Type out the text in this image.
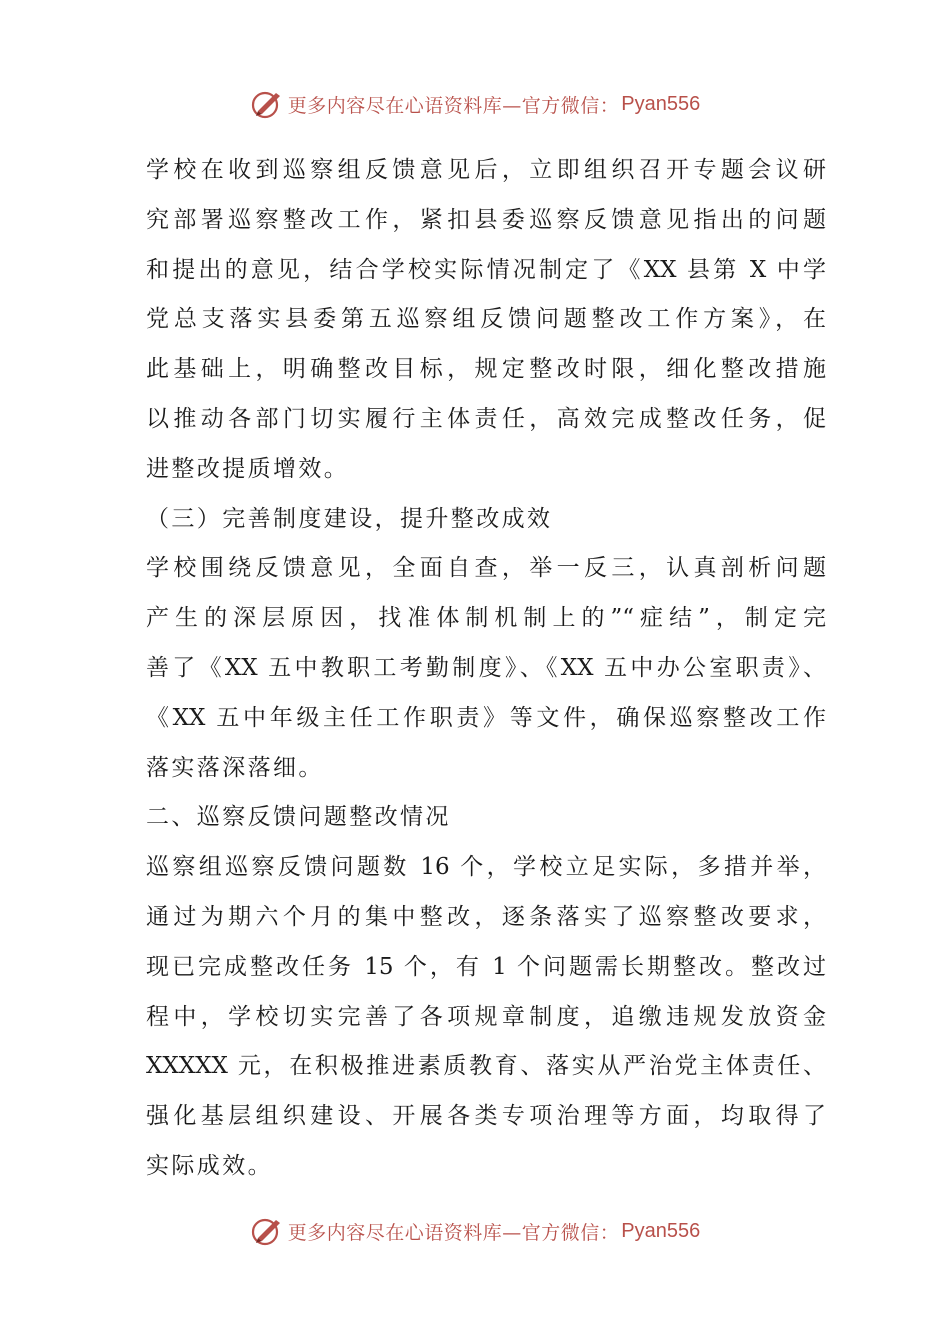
更多内容尽在心语资料库—官方微信： Pyan556
学校在收到巡察组反馈意见后，立即组织召开专题会议研
究部署巡察整改工作，紧扣县委巡察反馈意见指出的问题
和提出的意见，结合学校实际情况制定了《XX 县第 X 中学
党总支落实县委第五巡察组反馈问题整改工作方案》，在
此基础上，明确整改目标，规定整改时限，细化整改措施
以推动各部门切实履行主体责任，高效完成整改任务，促
进整改提质增效。
（三）完善制度建设，提升整改成效
学校围绕反馈意见，全面自查，举一反三，认真剖析问题
产生的深层原因，找准体制机制上的”“症结”，制定完
善了《XX 五中教职工考勤制度》、《XX 五中办公室职责》、
《XX 五中年级主任工作职责》等文件，确保巡察整改工作
落实落深落细。
二、巡察反馈问题整改情况
巡察组巡察反馈问题数 16 个，学校立足实际，多措并举，
通过为期六个月的集中整改，逐条落实了巡察整改要求，
现已完成整改任务 15 个，有 1 个问题需长期整改。整改过
程中，学校切实完善了各项规章制度，追缴违规发放资金
XXXXX 元，在积极推进素质教育、落实从严治党主体责任、
强化基层组织建设、开展各类专项治理等方面，均取得了
实际成效。
更多内容尽在心语资料库—官方微信： Pyan556
